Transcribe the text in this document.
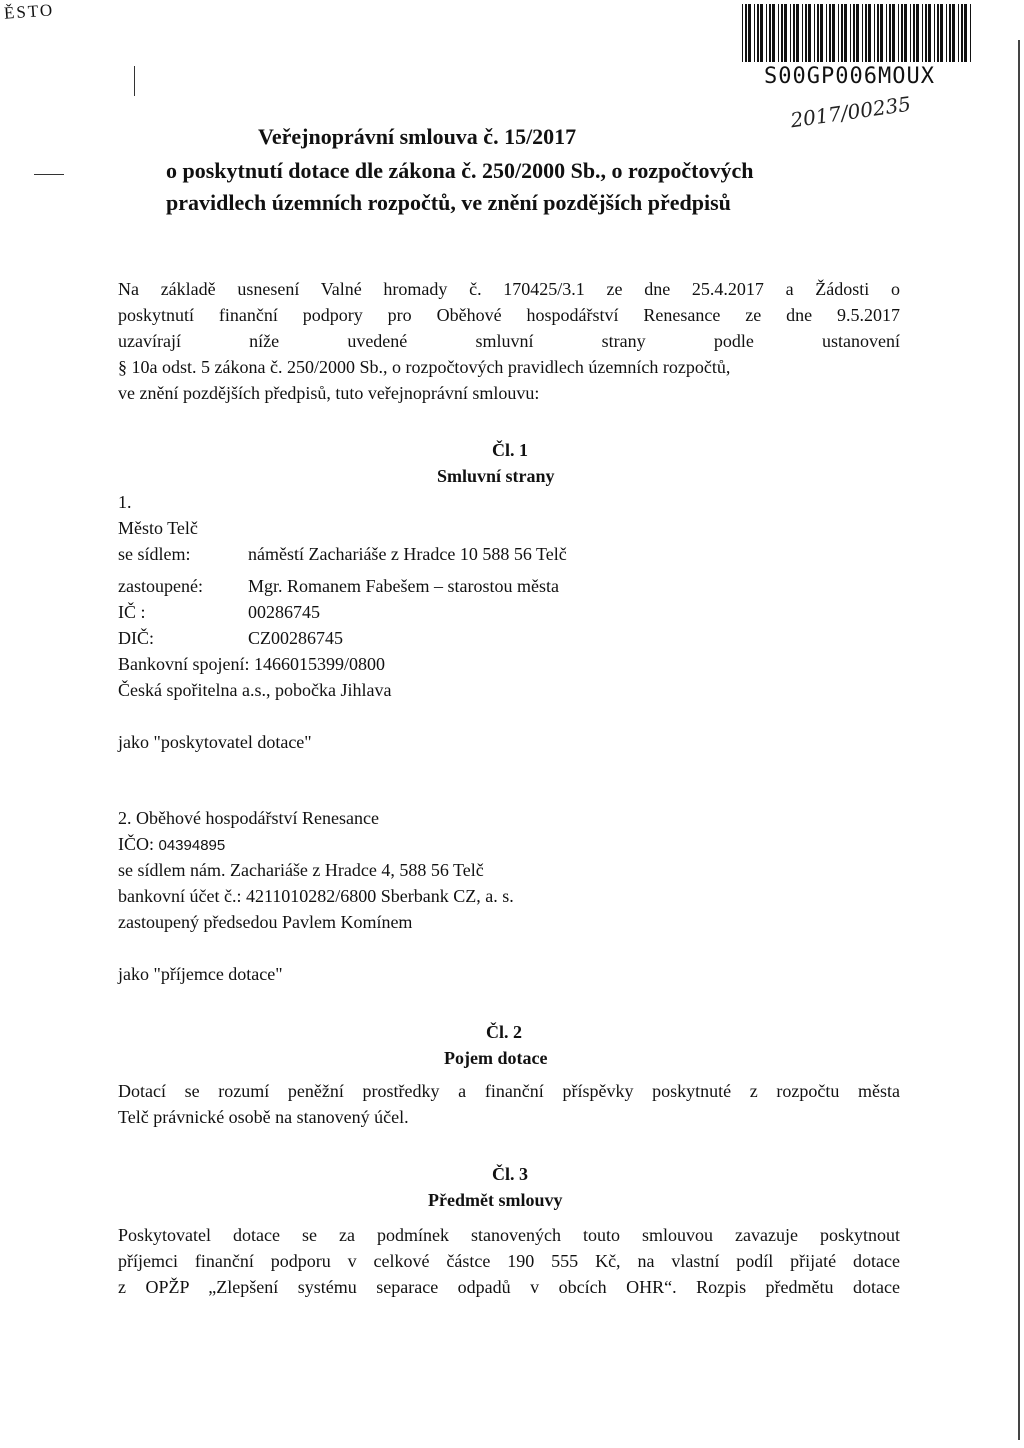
ĚSTO
S00GP006MOUX
2017/00235
Veřejnoprávní smlouva č. 15/2017
o poskytnutí dotace dle zákona č. 250/2000 Sb., o rozpočtových
pravidlech územních rozpočtů, ve znění pozdějších předpisů
Na základě usnesení Valné hromady č. 170425/3.1 ze dne 25.4.2017 a Žádosti o
poskytnutí finanční podpory pro Oběhové hospodářství Renesance ze dne 9.5.2017
uzavírají níže uvedené smluvní strany podle ustanovení
§ 10a odst. 5 zákona č. 250/2000 Sb., o rozpočtových pravidlech územních rozpočtů,
ve znění pozdějších předpisů, tuto veřejnoprávní smlouvu:
Čl. 1
Smluvní strany
1.
Město Telč
se sídlem:	náměstí Zachariáše z Hradce 10 588 56 Telč
zastoupené:	Mgr. Romanem Fabešem – starostou města
IČ :	00286745
DIČ:	CZ00286745
Bankovní spojení: 1466015399/0800
Česká spořitelna a.s., pobočka Jihlava
jako "poskytovatel dotace"
2. Oběhové hospodářství Renesance
IČO: 04394895
se sídlem nám. Zachariáše z Hradce 4, 588 56 Telč
bankovní účet č.: 4211010282/6800 Sberbank CZ, a. s.
zastoupený předsedou Pavlem Komínem
jako "příjemce dotace"
Čl. 2
Pojem dotace
Dotací se rozumí peněžní prostředky a finanční příspěvky poskytnuté z rozpočtu města
Telč právnické osobě na stanovený účel.
Čl. 3
Předmět smlouvy
Poskytovatel dotace se za podmínek stanovených touto smlouvou zavazuje poskytnout
příjemci finanční podporu v celkové částce 190 555 Kč, na vlastní podíl přijaté dotace
z OPŽP „Zlepšení systému separace odpadů v obcích OHR“. Rozpis předmětu dotace
